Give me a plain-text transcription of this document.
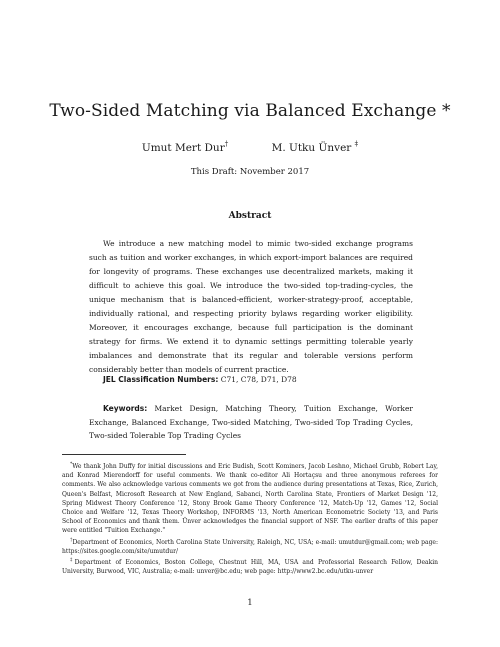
Two-Sided Matching via Balanced Exchange *
Umut Mert Dur†	M. Utku Ünver ‡
This Draft: November 2017
Abstract

We introduce a new matching model to mimic two-sided exchange programs such as tuition and worker exchanges, in which export-import balances are required for longevity of programs. These exchanges use decentralized markets, making it difficult to achieve this goal. We introduce the two-sided top-trading-cycles, the unique mechanism that is balanced-efficient, worker-strategy-proof, acceptable, individually rational, and respecting priority bylaws regarding worker eligibility. Moreover, it encourages exchange, because full participation is the dominant strategy for firms. We extend it to dynamic settings permitting tolerable yearly imbalances and demonstrate that its regular and tolerable versions perform considerably better than models of current practice.

JEL Classification Numbers: C71, C78, D71, D78

Keywords: Market Design, Matching Theory, Tuition Exchange, Worker Exchange, Balanced Exchange, Two-sided Matching, Two-sided Top Trading Cycles, Two-sided Tolerable Top Trading Cycles

*We thank John Duffy for initial discussions and Eric Budish, Scott Kominers, Jacob Leshno, Michael Grubb, Robert Lay, and Konrad Mierendorff for useful comments. We thank co-editor Ali Hortaçsu and three anonymous referees for comments. We also acknowledge various comments we got from the audience during presentations at Texas, Rice, Zurich, Queen's Belfast, Microsoft Research at New England, Sabanci, North Carolina State, Frontiers of Market Design '12, Spring Midwest Theory Conference '12, Stony Brook Game Theory Conference '12, Match-Up '12, Games '12, Social Choice and Welfare '12, Texas Theory Workshop, INFORMS '13, North American Econometric Society '13, and Paris School of Economics and thank them. Ünver acknowledges the financial support of NSF. The earlier drafts of this paper were entitled "Tuition Exchange."

†Department of Economics, North Carolina State University, Raleigh, NC, USA; e-mail: umutdur@gmail.com; web page: https://sites.google.com/site/umutdur/

‡Department of Economics, Boston College, Chestnut Hill, MA, USA and Professorial Research Fellow, Deakin University, Burwood, VIC, Australia; e-mail: unver@bc.edu; web page: http://www2.bc.edu/utku-unver

1
